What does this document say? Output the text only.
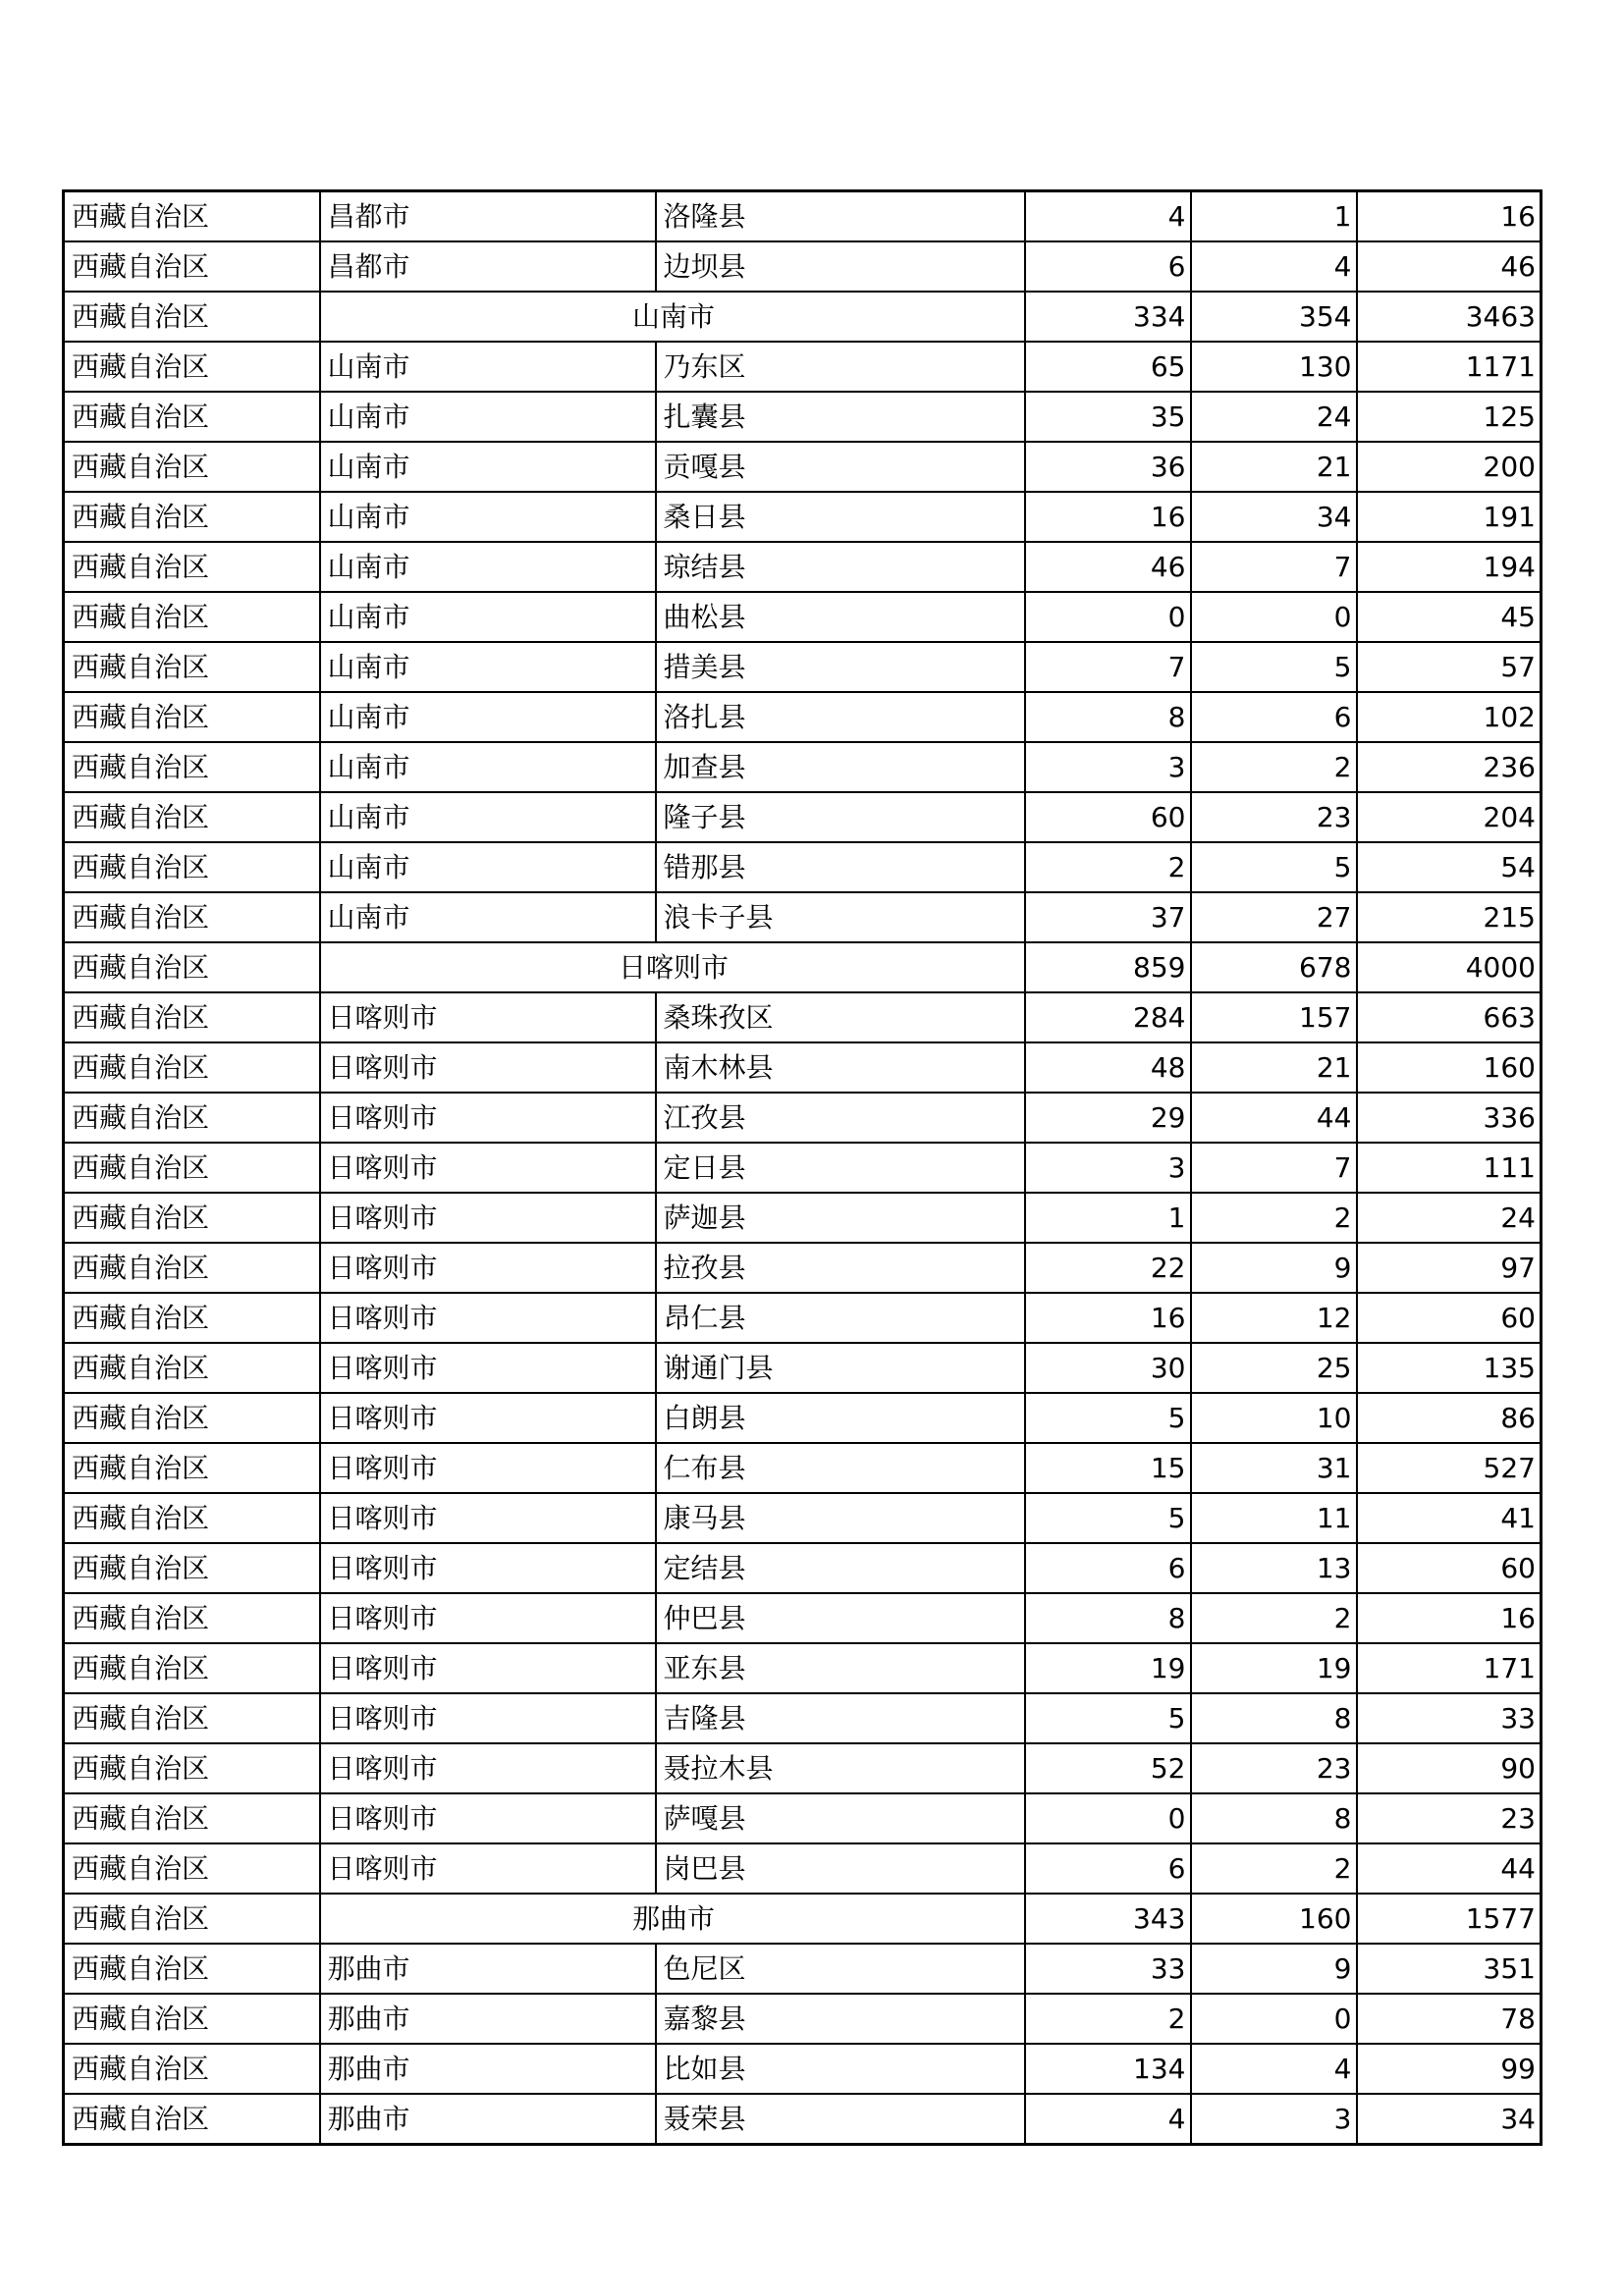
西藏自治区	昌都市	洛隆县	4	1	16
西藏自治区	昌都市	边坝县	6	4	46
西藏自治区	山南市		334	354	3463
西藏自治区	山南市	乃东区	65	130	1171
西藏自治区	山南市	扎囊县	35	24	125
西藏自治区	山南市	贡嘎县	36	21	200
西藏自治区	山南市	桑日县	16	34	191
西藏自治区	山南市	琼结县	46	7	194
西藏自治区	山南市	曲松县	0	0	45
西藏自治区	山南市	措美县	7	5	57
西藏自治区	山南市	洛扎县	8	6	102
西藏自治区	山南市	加查县	3	2	236
西藏自治区	山南市	隆子县	60	23	204
西藏自治区	山南市	错那县	2	5	54
西藏自治区	山南市	浪卡子县	37	27	215
西藏自治区	日喀则市		859	678	4000
西藏自治区	日喀则市	桑珠孜区	284	157	663
西藏自治区	日喀则市	南木林县	48	21	160
西藏自治区	日喀则市	江孜县	29	44	336
西藏自治区	日喀则市	定日县	3	7	111
西藏自治区	日喀则市	萨迦县	1	2	24
西藏自治区	日喀则市	拉孜县	22	9	97
西藏自治区	日喀则市	昂仁县	16	12	60
西藏自治区	日喀则市	谢通门县	30	25	135
西藏自治区	日喀则市	白朗县	5	10	86
西藏自治区	日喀则市	仁布县	15	31	527
西藏自治区	日喀则市	康马县	5	11	41
西藏自治区	日喀则市	定结县	6	13	60
西藏自治区	日喀则市	仲巴县	8	2	16
西藏自治区	日喀则市	亚东县	19	19	171
西藏自治区	日喀则市	吉隆县	5	8	33
西藏自治区	日喀则市	聂拉木县	52	23	90
西藏自治区	日喀则市	萨嘎县	0	8	23
西藏自治区	日喀则市	岗巴县	6	2	44
西藏自治区	那曲市		343	160	1577
西藏自治区	那曲市	色尼区	33	9	351
西藏自治区	那曲市	嘉黎县	2	0	78
西藏自治区	那曲市	比如县	134	4	99
西藏自治区	那曲市	聂荣县	4	3	34
